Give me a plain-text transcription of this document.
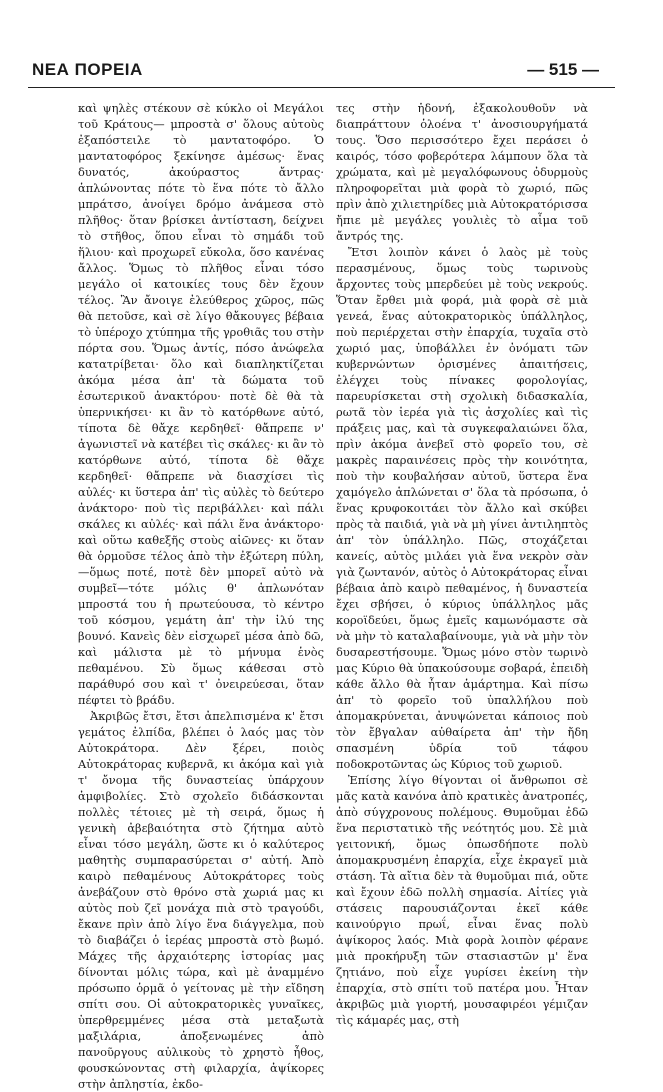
ΝΕΑ ΠΟΡΕΙΑ	— 515 —

καὶ ψηλὲς στέκουν σὲ κύκλο οἱ Μεγάλοι τοῦ Κράτους— μπροστὰ σ' ὅλους αὐτοὺς ἐξαπόστειλε τὸ μαντατοφόρο. Ὁ μαντατοφόρος ξεκίνησε ἀμέσως· ἕνας δυνατός, ἀκούραστος ἄντρας· ἁπλώνοντας πότε τὸ ἕνα πότε τὸ ἄλλο μπράτσο, ἀνοίγει δρόμο ἀνάμεσα στὸ πλῆθος· ὅταν βρίσκει ἀντίσταση, δείχνει τὸ στῆθος, ὅπου εἶναι τὸ σημάδι τοῦ ἥλιου· καὶ προχωρεῖ εὔκολα, ὅσο κανένας ἄλλος. Ὅμως τὸ πλῆθος εἶναι τόσο μεγάλο οἱ κατοικίες τους δὲν ἔχουν τέλος. Ἂν ἄνοιγε ἐλεύθερος χῶρος, πῶς θὰ πετοῦσε, καὶ σὲ λίγο θἄκουγες βέβαια τὸ ὑπέροχο χτύπημα τῆς γροθιᾶς του στὴν πόρτα σου. Ὅμως ἀντίς, πόσο ἀνώφελα κατατρίβεται· ὅλο καὶ διαπληκτίζεται ἀκόμα μέσα ἀπ' τὰ δώματα τοῦ ἐσωτερικοῦ ἀνακτόρου· ποτὲ δὲ θὰ τὰ ὑπερνικήσει· κι ἂν τὸ κατόρθωνε αὐτό, τίποτα δὲ θἄχε κερδηθεῖ· θἄπρεπε ν' ἀγωνιστεῖ νὰ κατέβει τὶς σκάλες· κι ἂν τὸ κατόρθωνε αὐτό, τίποτα δὲ θἄχε κερδηθεῖ· θἄπρεπε νὰ διασχίσει τὶς αὐλές· κι ὕστερα ἀπ' τὶς αὐλὲς τὸ δεύτερο ἀνάκτορο· ποὺ τὶς περιβάλλει· καὶ πάλι σκάλες κι αὐλές· καὶ πάλι ἕνα ἀνάκτορο· καὶ οὕτω καθεξῆς στοὺς αἰῶνες· κι ὅταν θὰ ὁρμοῦσε τέλος ἀπὸ τὴν ἐξώτερη πύλη, —ὅμως ποτέ, ποτὲ δὲν μπορεῖ αὐτὸ νὰ συμβεῖ—τότε μόλις θ' ἁπλωνόταν μπροστά του ἡ πρωτεύουσα, τὸ κέντρο τοῦ κόσμου, γεμάτη ἀπ' τὴν ἰλύ της βουνό. Κανεὶς δὲν εἰσχωρεῖ μέσα ἀπὸ δῶ, καὶ μάλιστα μὲ τὸ μήνυμα ἑνὸς πεθαμένου. Σὺ ὅμως κάθεσαι στὸ παράθυρό σου καὶ τ' ὀνειρεύεσαι, ὅταν πέφτει τὸ βράδυ.

Ἀκριβῶς ἔτσι, ἔτσι ἀπελπισμένα κ' ἔτσι γεμάτος ἐλπίδα, βλέπει ὁ λαός μας τὸν Αὐτοκράτορα. Δὲν ξέρει, ποιὸς Αὐτοκράτορας κυβερνᾶ, κι ἀκόμα καὶ γιὰ τ' ὄνομα τῆς δυναστείας ὑπάρχουν ἀμφιβολίες. Στὸ σχολεῖο διδάσκονται πολλὲς τέτοιες μὲ τὴ σειρά, ὅμως ἡ γενικὴ ἀβεβαιότητα στὸ ζήτημα αὐτὸ εἶναι τόσο μεγάλη, ὥστε κι ὁ καλύτερος μαθητὴς συμπαρασύρεται σ' αὐτή. Ἀπὸ καιρὸ πεθαμένους Αὐτοκράτορες τοὺς ἀνεβάζουν στὸ θρόνο στὰ χωριά μας κι αὐτὸς ποὺ ζεῖ μονάχα πιὰ στὸ τραγούδι, ἔκανε πρὶν ἀπὸ λίγο ἕνα διάγγελμα, ποὺ τὸ διαβάζει ὁ ἱερέας μπροστὰ στὸ βωμό. Μάχες τῆς ἀρχαιότερης ἱστορίας μας δίνονται μόλις τώρα, καὶ μὲ ἀναμμένο πρόσωπο ὁρμᾶ ὁ γείτονας μὲ τὴν εἴδηση σπίτι σου. Οἱ αὐτοκρατορικὲς γυναῖκες, ὑπερθρεμμένες μέσα στὰ μεταξωτὰ μαξιλάρια, ἀποξενωμένες ἀπὸ πανοῦργους αὐλικοὺς τὸ χρηστὸ ἦθος, φουσκώνοντας στὴ φιλαρχία, ἀψίκορες στὴν ἀπληστία, ἐκδο-

τες στὴν ἡδονή, ἐξακολουθοῦν νὰ διαπράττουν ὁλοένα τ' ἀνοσιουργήματά τους. Ὅσο περισσότερο ἔχει περάσει ὁ καιρός, τόσο φοβερότερα λάμπουν ὅλα τὰ χρώματα, καὶ μὲ μεγαλόφωνους ὀδυρμοὺς πληροφορεῖται μιὰ φορὰ τὸ χωριό, πῶς πρὶν ἀπὸ χιλιετηρίδες μιὰ Αὐτοκρατόρισσα ἤπιε μὲ μεγάλες γουλιὲς τὸ αἷμα τοῦ ἄντρός της.

Ἔτσι λοιπὸν κάνει ὁ λαὸς μὲ τοὺς περασμένους, ὅμως τοὺς τωρινοὺς ἄρχοντες τοὺς μπερδεύει μὲ τοὺς νεκρούς. Ὅταν ἔρθει μιὰ φορά, μιὰ φορὰ σὲ μιὰ γενεά, ἕνας αὐτοκρατορικὸς ὑπάλληλος, ποὺ περιέρχεται στὴν ἐπαρχία, τυχαῖα στὸ χωριό μας, ὑποβάλλει ἐν ὀνόματι τῶν κυβερνώντων ὁρισμένες ἀπαιτήσεις, ἐλέγχει τοὺς πίνακες φορολογίας, παρευρίσκεται στὴ σχολικὴ διδασκαλία, ρωτᾶ τὸν ἱερέα γιὰ τὶς ἀσχολίες καὶ τὶς πράξεις μας, καὶ τὰ συγκεφαλαιώνει ὅλα, πρὶν ἀκόμα ἀνεβεῖ στὸ φορεῖο του, σὲ μακρὲς παραινέσεις πρὸς τὴν κοινότητα, ποὺ τὴν κουβαλήσαν αὐτοῦ, ὕστερα ἕνα χαμόγελο ἁπλώνεται σ' ὅλα τὰ πρόσωπα, ὁ ἕνας κρυφοκοιτάει τὸν ἄλλο καὶ σκύβει πρὸς τὰ παιδιά, γιὰ νὰ μὴ γίνει ἀντιληπτὸς ἀπ' τὸν ὑπάλληλο. Πῶς, στοχάζεται κανείς, αὐτὸς μιλάει γιὰ ἕνα νεκρὸν σὰν γιὰ ζωντανόν, αὐτὸς ὁ Αὐτοκράτορας εἶναι βέβαια ἀπὸ καιρὸ πεθαμένος, ἡ δυναστεία ἔχει σβήσει, ὁ κύριος ὑπάλληλος μᾶς κοροϊδεύει, ὅμως ἐμεῖς καμωνόμαστε σὰ νὰ μὴν τὸ καταλαβαίνουμε, γιὰ νὰ μὴν τὸν δυσαρεστήσουμε. Ὅμως μόνο στὸν τωρινὸ μας Κύριο θὰ ὑπακούσουμε σοβαρά, ἐπειδὴ κάθε ἄλλο θὰ ἦταν ἁμάρτημα. Καὶ πίσω ἀπ' τὸ φορεῖο τοῦ ὑπαλλήλου ποὺ ἀπομακρύνεται, ἀνυψώνεται κάποιος ποὺ τὸν ἔβγαλαν αὐθαίρετα ἀπ' τὴν ἤδη σπασμένη ὑδρία τοῦ τάφου ποδοκροτῶντας ὡς Κύριος τοῦ χωριοῦ.

Ἐπίσης λίγο θίγονται οἱ ἄνθρωποι σὲ μᾶς κατὰ κανόνα ἀπὸ κρατικὲς ἀνατροπές, ἀπὸ σύγχρονους πολέμους. Θυμοῦμαι ἐδῶ ἕνα περιστατικὸ τῆς νεότητός μου. Σὲ μιὰ γειτονική, ὅμως ὁπωσδήποτε πολὺ ἀπομακρυσμένη ἐπαρχία, εἶχε ἐκραγεῖ μιὰ στάση. Τὰ αἴτια δὲν τὰ θυμοῦμαι πιά, οὔτε καὶ ἔχουν ἐδῶ πολλὴ σημασία. Αἰτίες γιὰ στάσεις παρουσιάζονται ἐκεῖ κάθε καινούργιο πρωΐ, εἶναι ἕνας πολὺ ἀψίκορος λαός. Μιὰ φορὰ λοιπὸν φέρανε μιὰ προκήρυξη τῶν στασιαστῶν μ' ἕνα ζητιάνο, ποὺ εἶχε γυρίσει ἐκείνη τὴν ἐπαρχία, στὸ σπίτι τοῦ πατέρα μου. Ἦταν ἀκριβῶς μιὰ γιορτή, μουσαφιρέοι γέμιζαν τὶς κάμαρές μας, στὴ
